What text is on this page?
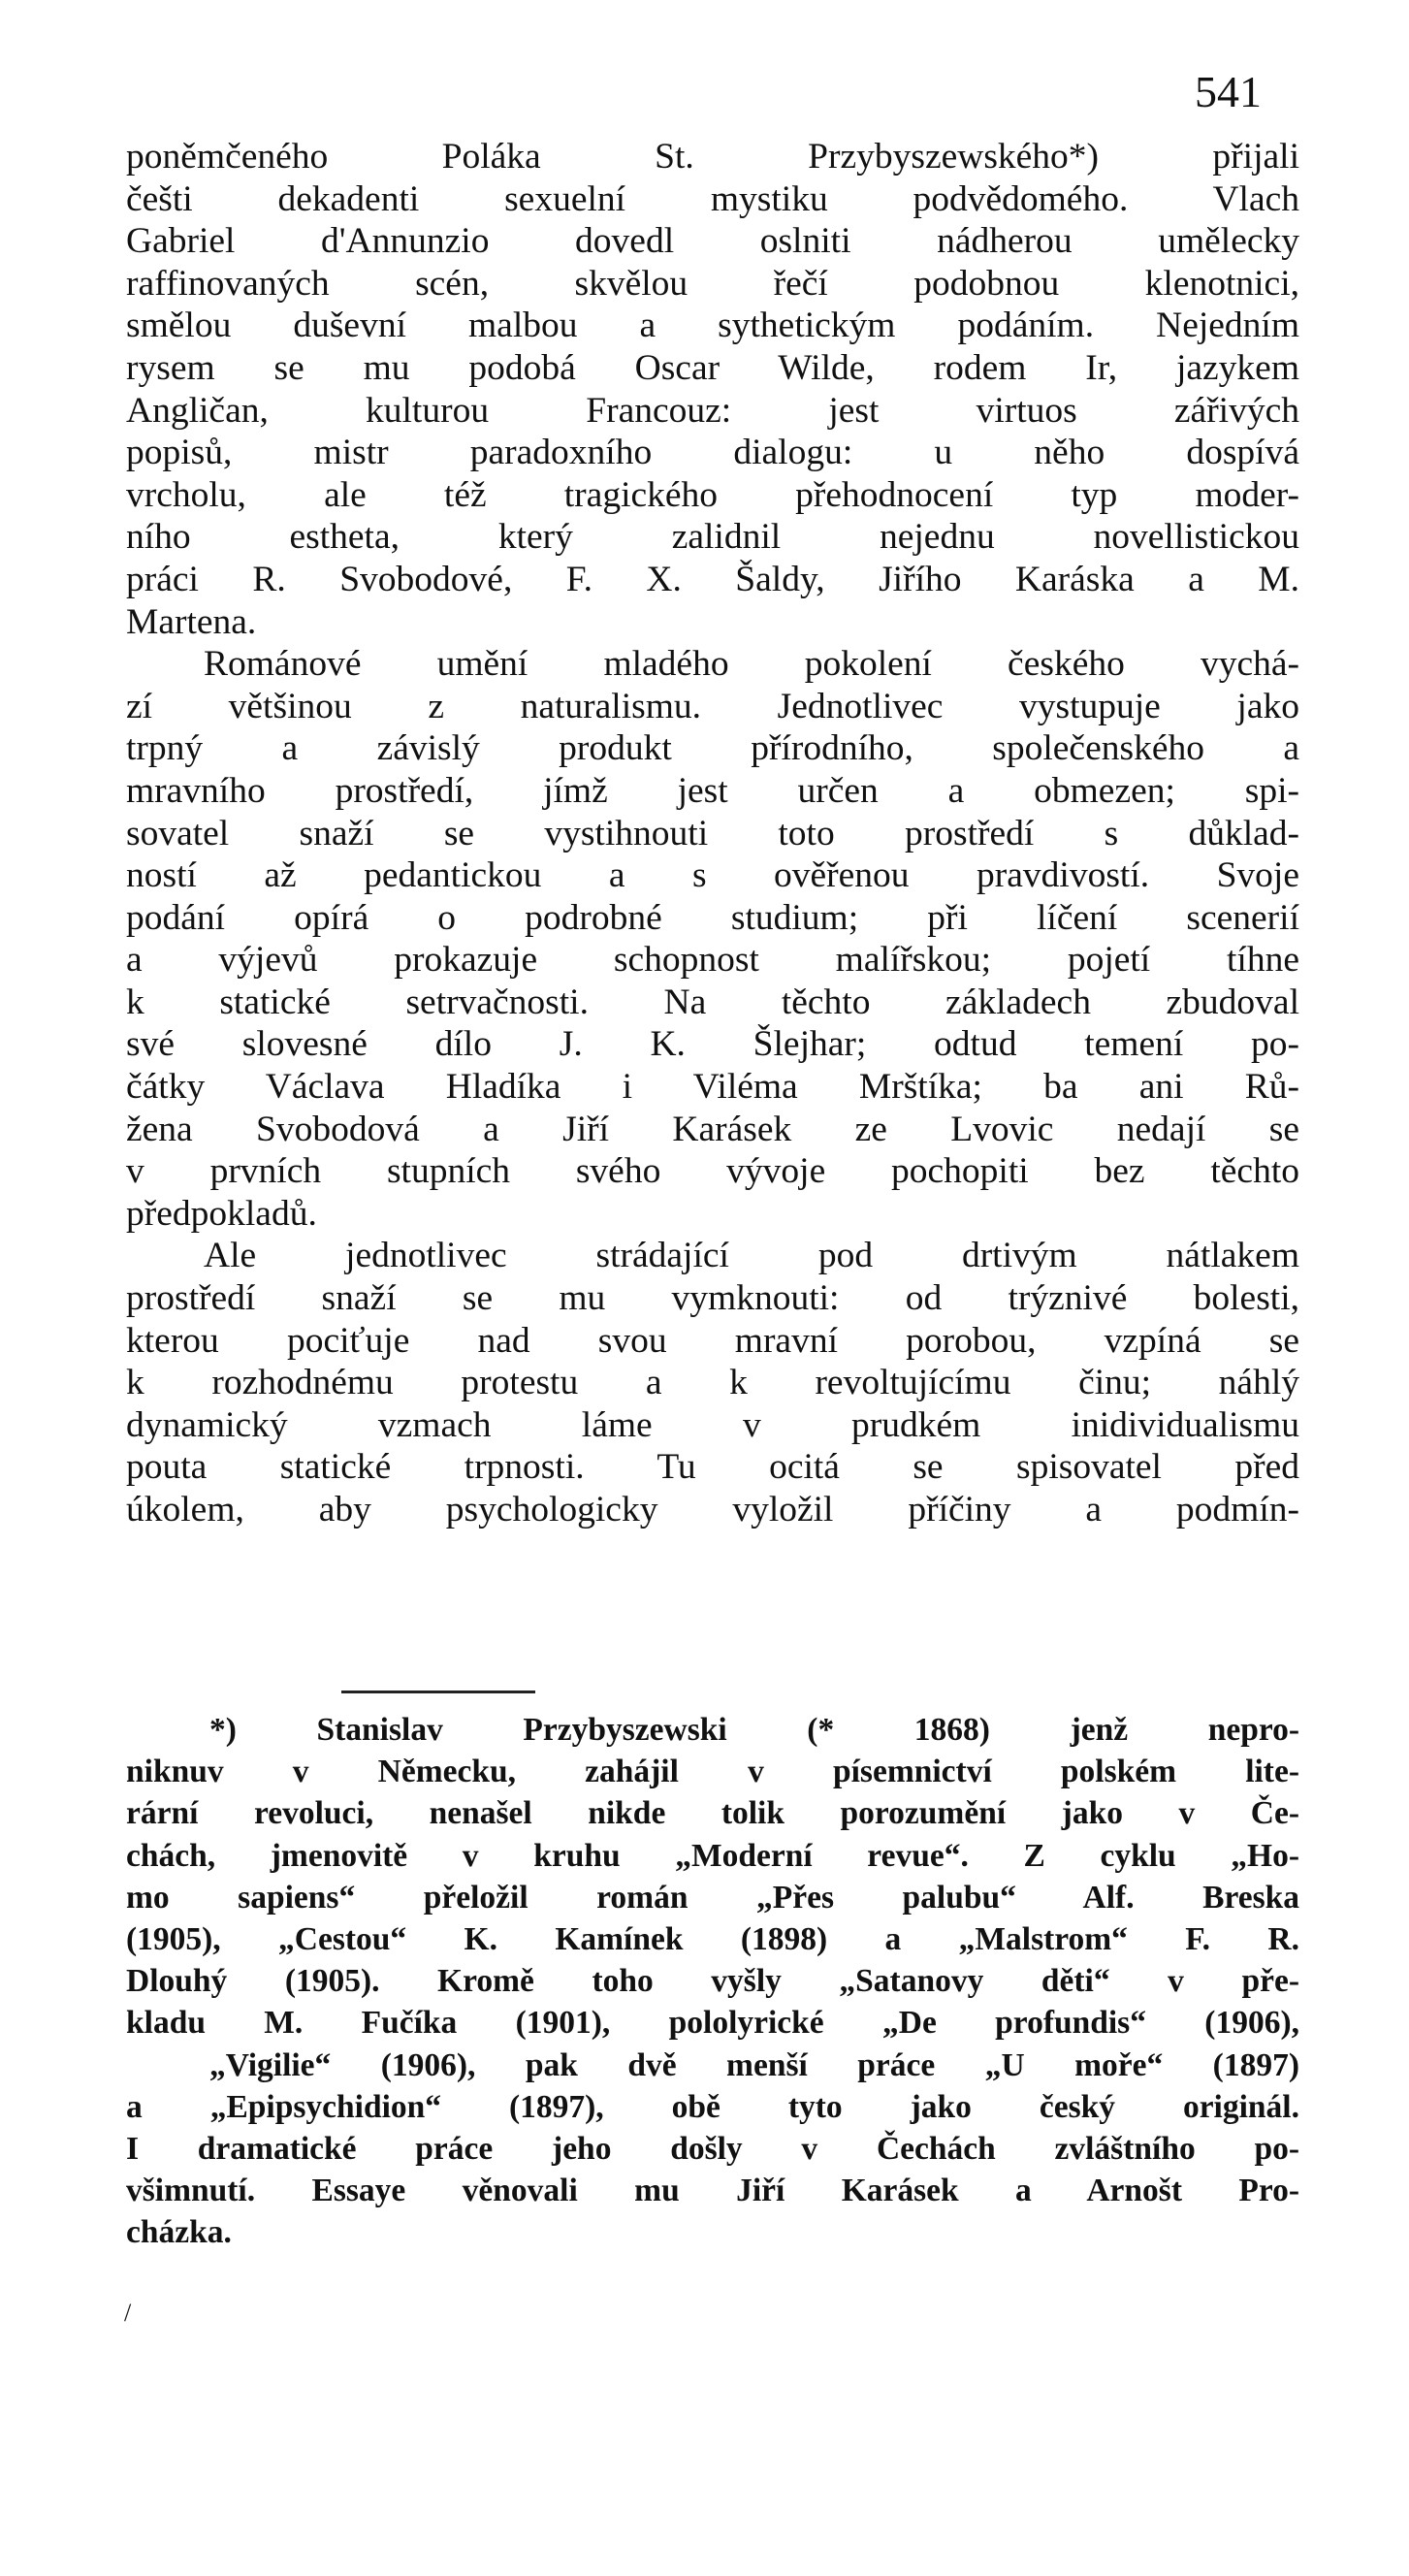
541
poněmčeného Poláka St. Przybyszewského*) přijali
češti dekadenti sexuelní mystiku podvědomého. Vlach
Gabriel d'Annunzio dovedl oslniti nádherou umělecky
raffinovaných scén, skvělou řečí podobnou klenotnici,
smělou duševní malbou a sythetickým podáním. Nejedním
rysem se mu podobá Oscar Wilde, rodem Ir, jazykem
Angličan, kulturou Francouz: jest virtuos zářivých
popisů, mistr paradoxního dialogu: u něho dospívá
vrcholu, ale též tragického přehodnocení typ moder-
ního estheta, který zalidnil nejednu novellistickou
práci R. Svobodové, F. X. Šaldy, Jiřího Karáska a M.
Martena.
Románové umění mladého pokolení českého vychá-
zí většinou z naturalismu. Jednotlivec vystupuje jako
trpný a závislý produkt přírodního, společenského a
mravního prostředí, jímž jest určen a obmezen; spi-
sovatel snaží se vystihnouti toto prostředí s důklad-
ností až pedantickou a s ověřenou pravdivostí. Svoje
podání opírá o podrobné studium; při líčení scenerií
a výjevů prokazuje schopnost malířskou; pojetí tíhne
k statické setrvačnosti. Na těchto základech zbudoval
své slovesné dílo J. K. Šlejhar; odtud temení po-
čátky Václava Hladíka i Viléma Mrštíka; ba ani Rů-
žena Svobodová a Jiří Karásek ze Lvovic nedají se
v prvních stupních svého vývoje pochopiti bez těchto
předpokladů.
Ale jednotlivec strádající pod drtivým nátlakem
prostředí snaží se mu vymknouti: od trýznivé bolesti,
kterou pociťuje nad svou mravní porobou, vzpíná se
k rozhodnému protestu a k revoltujícímu činu; náhlý
dynamický vzmach láme v prudkém inidividualismu
pouta statické trpnosti. Tu ocitá se spisovatel před
úkolem, aby psychologicky vyložil příčiny a podmín-
*) Stanislav Przybyszewski (* 1868) jenž nepro-
niknuv v Německu, zahájil v písemnictví polském lite-
rární revoluci, nenašel nikde tolik porozumění jako v Če-
chách, jmenovitě v kruhu „Moderní revue“. Z cyklu „Ho-
mo sapiens“ přeložil román „Přes palubu“ Alf. Breska
(1905), „Cestou“ K. Kamínek (1898) a „Malstrom“ F. R.
Dlouhý (1905). Kromě toho vyšly „Satanovy děti“ v pře-
kladu M. Fučíka (1901), pololyrické „De profundis“ (1906),
„Vigilie“ (1906), pak dvě menší práce „U moře“ (1897)
a „Epipsychidion“ (1897), obě tyto jako český originál.
I dramatické práce jeho došly v Čechách zvláštního po-
všimnutí. Essaye věnovali mu Jiří Karásek a Arnošt Pro-
cházka.
/
